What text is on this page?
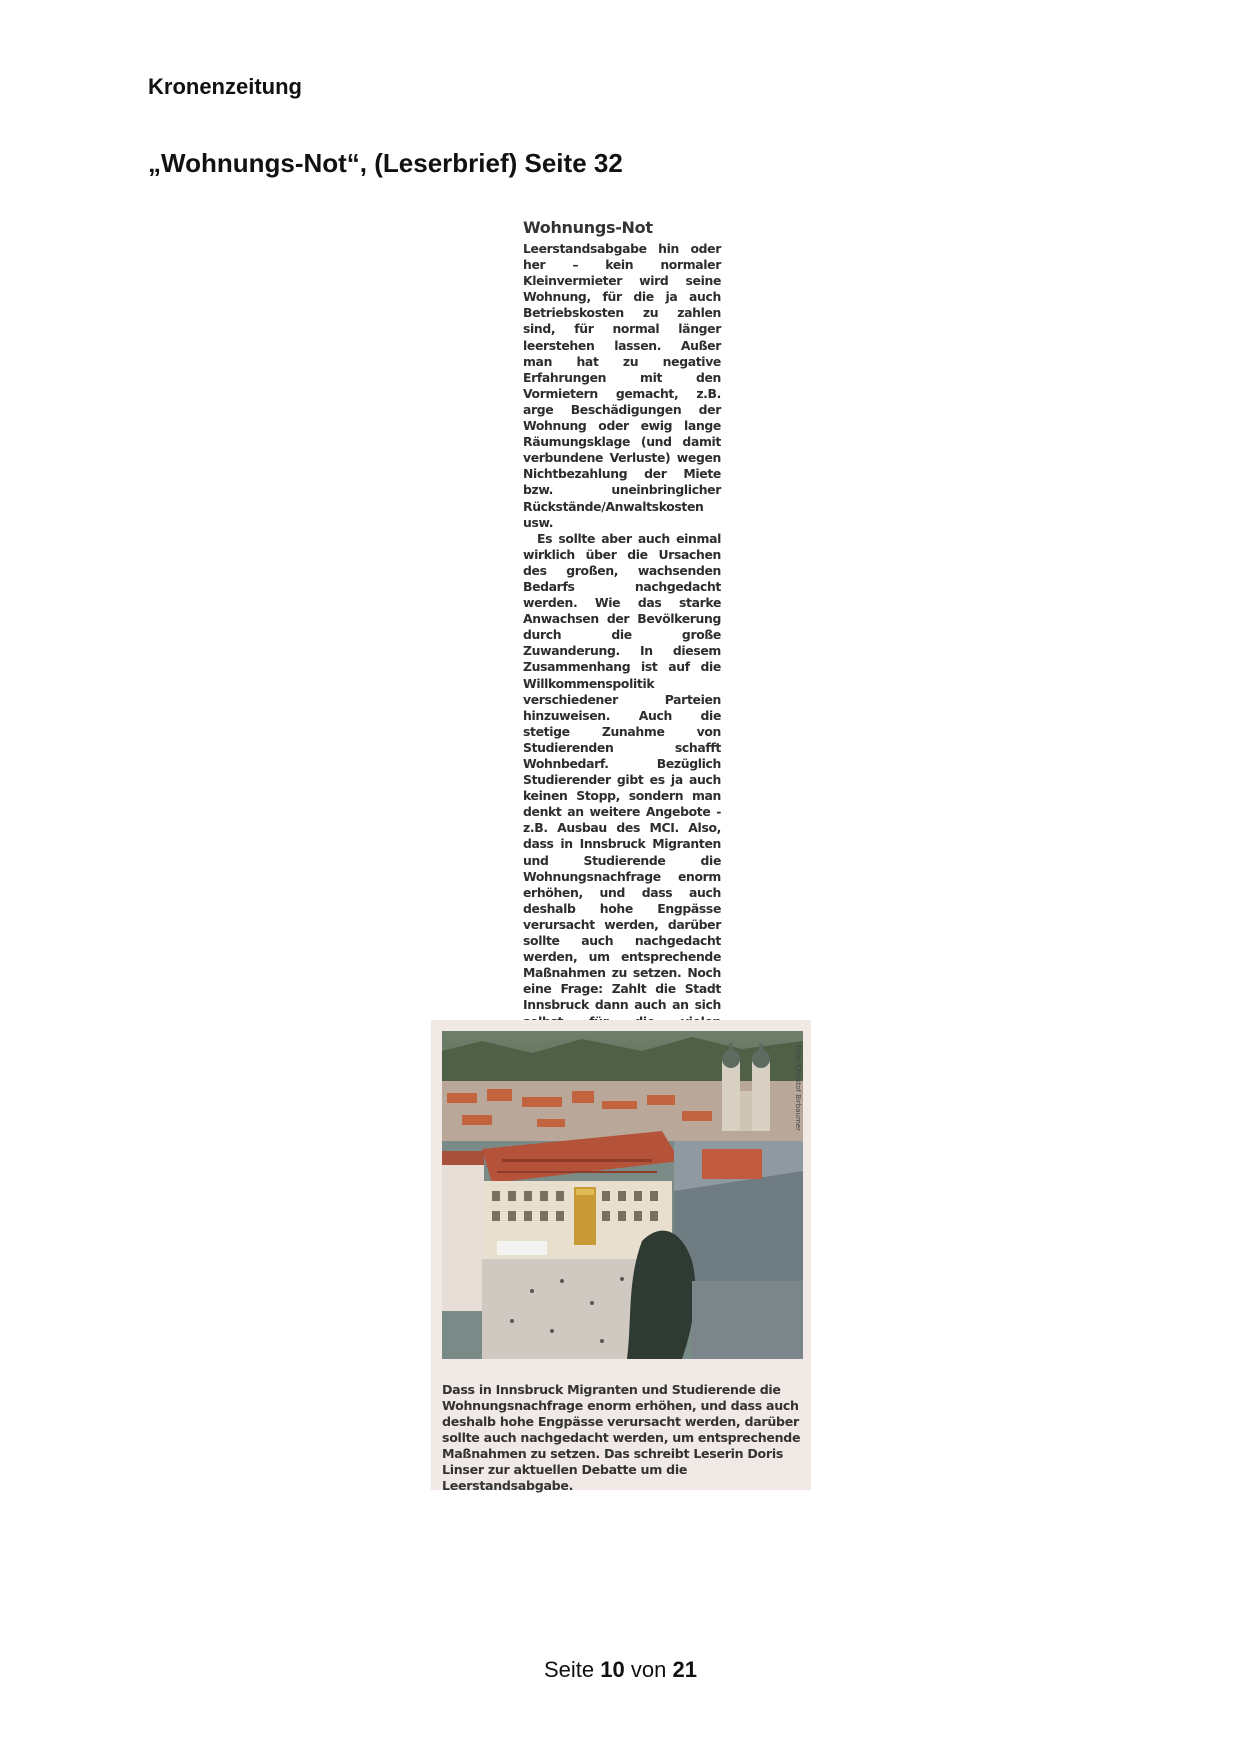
Kronenzeitung
„Wohnungs-Not“, (Leserbrief) Seite 32
Wohnungs-Not

Leerstandsabgabe hin oder her – kein normaler Kleinvermieter wird seine Wohnung, für die ja auch Betriebskosten zu zahlen sind, für normal länger leerstehen lassen. Außer man hat zu negative Erfahrungen mit den Vormietern gemacht, z.B. arge Beschädigungen der Wohnung oder ewig lange Räumungsklage (und damit verbundene Verluste) wegen Nichtbezahlung der Miete bzw. uneinbringlicher Rückstände/Anwaltskosten usw.

Es sollte aber auch einmal wirklich über die Ursachen des großen, wachsenden Bedarfs nachgedacht werden. Wie das starke Anwachsen der Bevölkerung durch die große Zuwanderung. In diesem Zusammenhang ist auf die Willkommenspolitik verschiedener Parteien hinzuweisen. Auch die stetige Zunahme von Studierenden schafft Wohnbedarf. Bezüglich Studierender gibt es ja auch keinen Stopp, sondern man denkt an weitere Angebote - z.B. Ausbau des MCI. Also, dass in Innsbruck Migranten und Studierende die Wohnungsnachfrage enorm erhöhen, und dass auch deshalb hohe Engpässe verursacht werden, darüber sollte auch nachgedacht werden, um entsprechende Maßnahmen zu setzen. Noch eine Frage: Zahlt die Stadt Innsbruck dann auch an sich

Foto: Christof Birbaumer
Dass in Innsbruck Migranten und Studierende die Wohnungsnachfrage enorm erhöhen, und dass auch deshalb hohe Engpässe verursacht werden, darüber sollte auch nachgedacht werden, um entsprechende Maßnahmen zu setzen. Das schreibt Leserin Doris Linser zur aktuellen Debatte um die Leerstandsabgabe.
Seite 10 von 21
